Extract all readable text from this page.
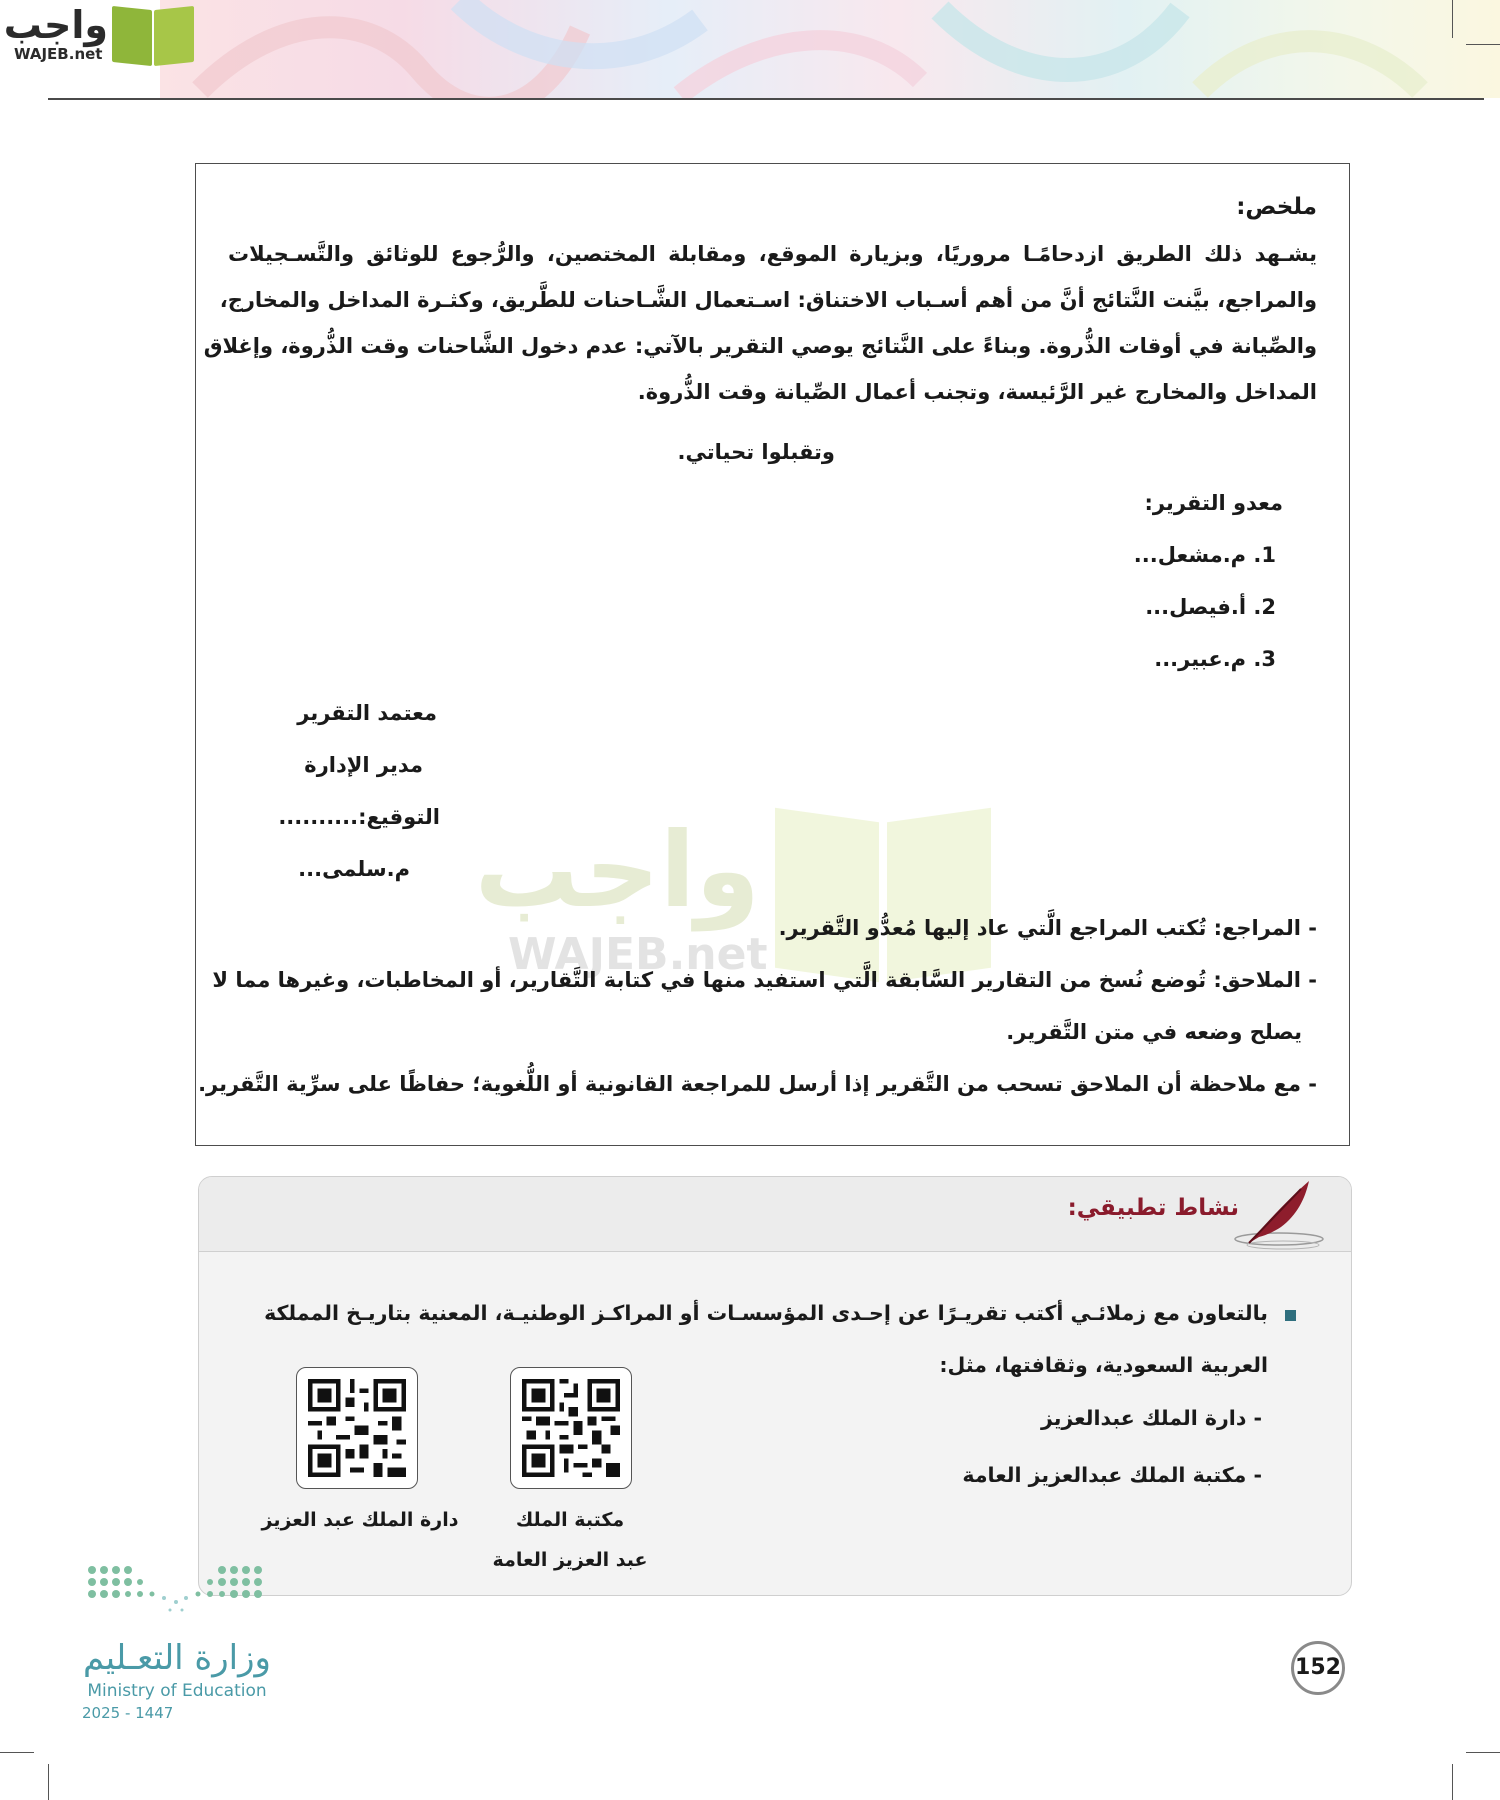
واجب
WAJEB.net
واجب
WAJEB.net
ملخص:
يشـهد ذلك الطريق ازدحامًـا مروريًا، وبزيارة الموقع، ومقابلة المختصين، والرُّجوع للوثائق والتَّسـجيلات
والمراجع، بيَّنت النَّتائج أنَّ من أهم أسـباب الاختناق: اسـتعمال الشَّـاحنات للطَّريق، وكثـرة المداخل والمخارج،
والصِّيانة في أوقات الذُّروة. وبناءً على النَّتائج يوصي التقرير بالآتي: عدم دخول الشَّاحنات وقت الذُّروة، وإغلاق
المداخل والمخارج غير الرَّئيسة، وتجنب أعمال الصِّيانة وقت الذُّروة.
وتقبلوا تحياتي.
معدو التقرير:
1. م.مشعل...
2. أ.فيصل...
3. م.عبير...
معتمد التقرير
مدير الإدارة
التوقيع:..........
م.سلمى...
- المراجع: تُكتب المراجع الَّتي عاد إليها مُعدُّو التَّقرير.
- الملاحق: تُوضع نُسخ من التقارير السَّابقة الَّتي استفيد منها في كتابة التَّقارير، أو المخاطبات، وغيرها مما لا
يصلح وضعه في متن التَّقرير.
- مع ملاحظة أن الملاحق تسحب من التَّقرير إذا أرسل للمراجعة القانونية أو اللُّغوية؛ حفاظًا على سرِّية التَّقرير.
نشاط تطبيقي:
بالتعاون مع زملائـي أكتب تقريـرًا عن إحـدى المؤسسـات أو المراكـز الوطنيـة، المعنية بتاريـخ المملكة
العربية السعودية، وثقافتها، مثل:
- دارة الملك عبدالعزيز
- مكتبة الملك عبدالعزيز العامة
مكتبة الملك
عبد العزيز العامة
دارة الملك عبد العزيز
وزارة التعـليم
Ministry of Education
2025 - 1447
152
